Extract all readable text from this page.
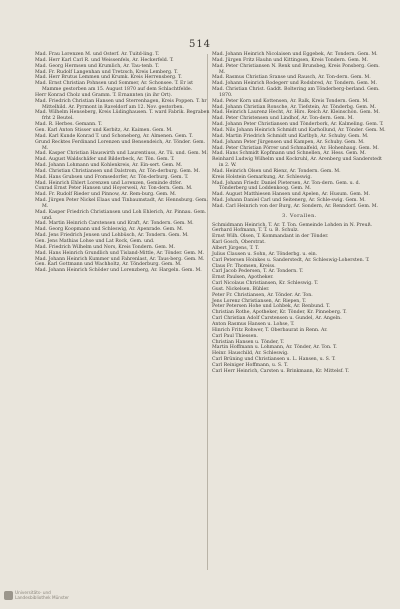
514

Mad. Frau Lorenzen M. und Osterf. Ar. Tuitd-ling. T.

Mad. Herr Karl Carl R. und Weissenfels, Ar. Heckerfeld. T.

Mad. Georg Hermsen und Krumlich, Ar. Tau-tenb. T.

Mad. Fr. Rudolf Langenhan und Tretzsch, Kreis Lemberg. T.

Mad. Herr Brutus Lemmen und Krumk. Kreis Herrensberg. T.

Mad. Ernst Christian Pohnsen und Sommer, Ar. Schonsee. T. Er ist Mamme gestorben am 15. August 1870 auf dem Schlachtfelde.

Herr Konrad Cholz und Gramm. T. Ernannten (in ihr Ort).

Mad. Friedrich Christian Hansen und Sterrenhagen, Kreis Poppen. T. hr Mittelhild. Ar. Pyrmont in Raveldorf am 12. Nov. gestorben.

Mad. Wilhelm Henseberg, Kreis Lüdinghausen. T. ward Fabrik. Begraben frht 2 Beutel.

Mad. R. Herbes. Gemann. T.

Gen. Karl Anton Stisser und Kerbitz, Ar. Kaimen. Gem. M.

Mad. Karl Kunde Konrad T. und Schoneberg, Ar. Almenen. Gem. T.

Grund Recktes Ferdinand Lorenzen und Bensendeich, Ar. Tönder. Gem. M.

Mad. Kasper Christian Hauswirth und Laurentiuss, Ar. Tü. und. Gem. M.

Mad. August Waldschäfer und Bilderbeck, Ar. Tön. Gem. T.

Mad. Johann Lohmann und Kohlenkreis, Ar. Ein-sert. Gem. M.

Mad. Christian Christiansen und Dalstrom, Ar. Tön-derburg. Gem. M.

Mad. Hans Grubsen und Fromsedorfer, Ar. Tön-derburg. Gem. T.

Mad. Heinrich Ehlert Lorenzen und Lorenzen, Geminde dtfer.

Conrad Ernst Peter Hansen und Hoyerweil, Ar. Ton-dern. Gem. M.

Mad. Fr. Rudolf Rieder und Pinnow, Ar. Rem-burg. Gem. M.

Mad. Jürgen Peter Nickel Elaas und Tinbaumstadt, Ar. Hennsburg. Gem. M.

Mad. Kasper Friedrich Christiansen und Loh Ehlerich, Ar. Pinnau. Gem. und.

Mad. Martin Heinrich Carstensen und Kraft, Ar. Tondern. Gem. M.

Mad. Georg Koopmann und Schleswig, Ar. Apenrade. Gem. M.

Mad. Jens Friedrich Jensen und Lohbüsch, Ar. Tondern. Gem. M.

Gen. Jens Mathias Lohse und Lat Rock, Gem. und.

Mad. Friedrich Wilhelm und Nors, Kreis Tondern. Gem. M.

Mad. Hans Heinrich Grundlich und Tisland-Mittle, Ar. Tönder. Gem. M.

Mad. Johann Heinrich Kummer und Fahrenlast, Ar. Taus-berg. Gem. M.

Gen. Karl Gottmann und Wachholtz, Ar. Tönderburg. Gem. M.

Mad. Johann Heinrich Schöder und Lorenzberg, Ar. Hargeln. Gem. M.

Mad. Johann Heinrich Nicolaisen und Eggebek, Ar. Tondern. Gem. M.

Mad. Jürgen Fritz Hauhn und Kittingsen, Kreis Tondern. Gem. M.

Mad. Peter Christiansen N. Renk und Brunsbeg, Kreis Ponsberg. Gem. M.

Mad. Rasmus Christian Sranse und Rausch, Ar. Ton-dern. Gem. M.

Mad. Johann Heinrich Rodegerr und Rodsbred, Ar. Tondern. Gem. M.

Mad. Christian Christ. Gaddt. Boltering am Tönderberg-berland. Gem. 1870.

Mad. Peter Korn und Kottensen, Ar. Ralk, Kreis Tondern. Gem. M.

Mad. Johann Christian Ronsche, Ar. Tiefstein, Ar. Tönderbg. Gem. M.

Mad. Heinrich Laurenz Hecht, Ar. Hirs. Reich Ar. Kleinschön. Gem. M.

Mad. Peter Christensen und Lindhof, Ar. Ton-dern. Gem. M.

Mad. Johann Peter Christiansen und Tönderbork, Ar. Kalmeling. Gem. T.

Mad. Nils Johann Heinrich Schmidt und Karhollund, Ar. Tönder. Gem. M.

Mad. Martin Friedrich Schmidt und Karlbyb, Ar. Schuby. Gem. M.

Mad. Johann Peter Jürgensen und Kampen, Ar. Schuby. Gem. M.

Mad. Peter Christian Pörrer und Schmalfeld, Ar. Hohenhaug. Gem. M.

Mad. Hans Schmidt Kopfmann und Schnellen, Ar. Hess. Gem. M.

Reinhard Ludwig Wilhelm und Kockruhl, Ar. Arenberg und Sanderstedt in 2. W.

Mad. Heinrich Olsen und Rienz, Ar. Tondern. Gem. M.

Kreis Holstein Gemarkung, Ar. Schleswig.

Mad. Johann Friedr. Daniel Pietersen, Ar. Ton-dern. Gem. u. d. Tönderberg und Loddenkoog. Gem. M.

Mad. August Matthiesen Hansen und Apelen, Ar. Husum. Gem. M.

Mad. Johann Daniel Carl und Seitenerg, Ar. Schle-swig. Gem. M.

Mad. Carl Heinrich von der Burg, Ar. Sondern, Ar. Renndorf. Gem. M.

3. Vorallen.

Schmidmann Heinrich, T. Ar. T. Ton. Gemeinde Lohden in N. Preuß.

Gerhard Hofmann, T. T. u. B. Schulz.

Ernst Wilh. Olsen, T. Kommandant in der Tönder.

Karl Gosch, Oberstrat.

Albert Jürgens, T. T.

Julius Clausen u. Sohn, Ar. Tönderbg. u. ein.

Carl Petersen Hoinkes u. Sanderstedt, Ar. Schleswig-Lohersten. T.

Claus Fr. Thomsen, Kreiss.

Carl Jacob Pedersen, T. Ar. Tondern. T.

Ernst Paulsen, Apotheker.

Carl Nicolaus Christiansen, Kr. Schleswig. T.

Gust. Nickelsen. Bühler.

Peter Fr. Christiansen, Ar. Tönder. Ar. Ton.

Jens Lorenz Christiansen, Ar. Riepen, T.

Peter Petersen Hohe und Lohbek, Ar. Renbund. T.

Christian Rothe, Apotheker, Kr. Tönder, Kr. Pinneberg. T.

Carl Christian Adolf Carstensen u. Gundel, Ar. Angeln.

Anton Rasmus Hansen u. Lohse, T.

Hinrich Fritz Rohwer, T. Oberbaurat in Renn. Ar.

Carl Paul Thiessen.

Christian Hansen u. Tönder, T.

Martin Hoffmann u. Lohmann, Ar. Tönder, Ar. Ton. T.

Heinr. Hauschild, Ar. Schleswig.

Carl Brüning und Christiansen u. L. Hansen, u. S. T.

Carl Reiniger Hoffmann, u. S. T.

Carl Herr Heinrich, Carsten u. Brinkmann, Kr. Mittelsf. T.

Universitäts- und
Landesbibliothek Münster
